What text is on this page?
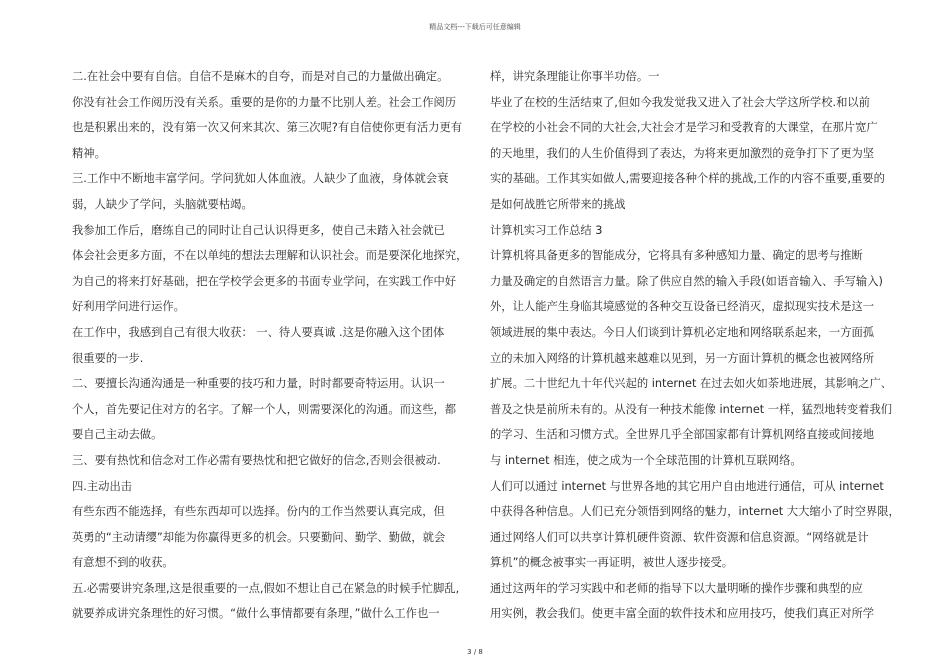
精品文档---下载后可任意编辑

二.在社会中要有自信。自信不是麻木的自夸，而是对自己的力量做出确定。

你没有社会工作阅历没有关系。重要的是你的力量不比别人差。社会工作阅历

也是积累出来的，没有第一次又何来其次、第三次呢?有自信使你更有活力更有

精神。

三.工作中不断地丰富学问。学问犹如人体血液。人缺少了血液，身体就会衰

弱，人缺少了学问，头脑就要枯竭。

我参加工作后，磨练自己的同时让自己认识得更多，使自己未踏入社会就已

体会社会更多方面，不在以单纯的想法去理解和认识社会。而是要深化地探究，

为自己的将来打好基础，把在学校学会更多的书面专业学问，在实践工作中好

好利用学问进行运作。

在工作中，我感到自己有很大收获： 一、待人要真诚 .这是你融入这个团体

很重要的一步.

二、要擅长沟通沟通是一种重要的技巧和力量，时时都要奇特运用。认识一

个人，首先要记住对方的名字。了解一个人，则需要深化的沟通。而这些，都

要自己主动去做。

三、要有热忱和信念对工作必需有要热忱和把它做好的信念,否则会很被动.

四.主动出击

有些东西不能选择，有些东西却可以选择。份内的工作当然要认真完成，但

英勇的“主动请缨”却能为你赢得更多的机会。只要勤问、勤学、勤做，就会

有意想不到的收获。

五.必需要讲究条理,这是很重要的一点,假如不想让自己在紧急的时候手忙脚乱,

就要养成讲究条理性的好习惯。“做什么事情都要有条理，”做什么工作也一

样，讲究条理能让你事半功倍。一

毕业了在校的生活结束了,但如今我发觉我又进入了社会大学这所学校.和以前

在学校的小社会不同的大社会,大社会才是学习和受教育的大课堂，在那片宽广

的天地里，我们的人生价值得到了表达，为将来更加激烈的竞争打下了更为坚

实的基础。工作其实如做人,需要迎接各种个样的挑战,工作的内容不重要,重要的

是如何战胜它所带来的挑战

计算机实习工作总结 3

计算机将具备更多的智能成分，它将具有多种感知力量、确定的思考与推断

力量及确定的自然语言力量。除了供应自然的输入手段(如语音输入、手写输入)

外，让人能产生身临其境感觉的各种交互设备已经消灭，虚拟现实技术是这一

领域进展的集中表达。今日人们谈到计算机必定地和网络联系起来，一方面孤

立的未加入网络的计算机越来越难以见到，另一方面计算机的概念也被网络所

扩展。二十世纪九十年代兴起的 internet 在过去如火如荼地进展，其影响之广、

普及之快是前所未有的。从没有一种技术能像 internet 一样，猛烈地转变着我们

的学习、生活和习惯方式。全世界几乎全部国家都有计算机网络直接或间接地

与 internet 相连，使之成为一个全球范围的计算机互联网络。

人们可以通过 internet 与世界各地的其它用户自由地进行通信，可从 internet

中获得各种信息。人们已充分领悟到网络的魅力，internet 大大缩小了时空界限，

通过网络人们可以共享计算机硬件资源、软件资源和信息资源。“网络就是计

算机”的概念被事实一再证明，被世人逐步接受。

通过这两年的学习实践中和老师的指导下以大量明晰的操作步骤和典型的应

用实例，教会我们。使更丰富全面的软件技术和应用技巧，使我们真正对所学

3 / 8
